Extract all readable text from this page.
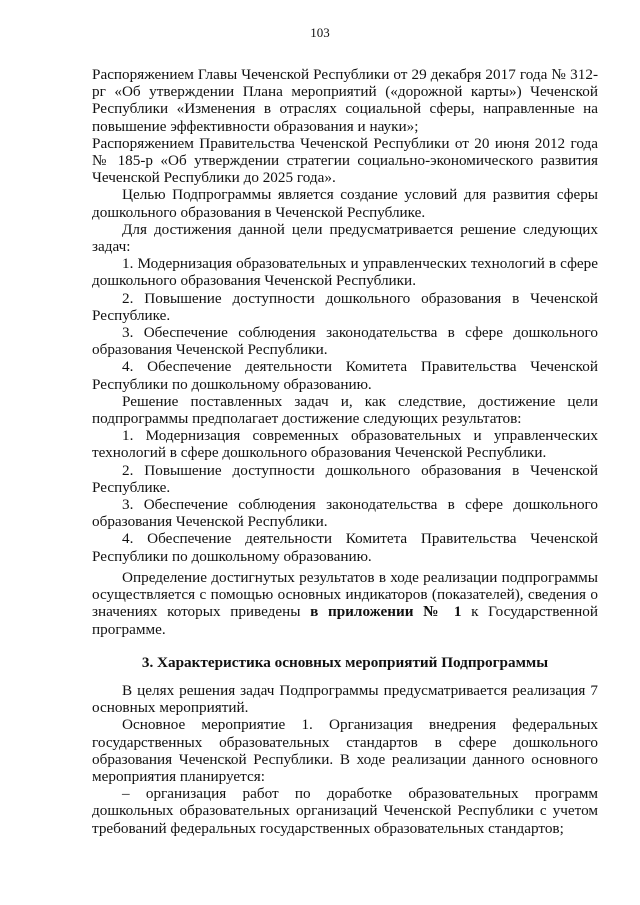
103

Распоряжением Главы Чеченской Республики от 29 декабря 2017 года № 312-рг «Об утверждении Плана мероприятий («дорожной карты») Чеченской Республики «Изменения в отраслях социальной сферы, направленные на повышение эффективности образования и науки»;

Распоряжением Правительства Чеченской Республики от 20 июня 2012 года № 185-р «Об утверждении стратегии социально-экономического развития Чеченской Республики до 2025 года».

Целью Подпрограммы является создание условий для развития сферы дошкольного образования в Чеченской Республике.

Для достижения данной цели предусматривается решение следующих задач:

1. Модернизация образовательных и управленческих технологий в сфере дошкольного образования Чеченской Республики.

2. Повышение доступности дошкольного образования в Чеченской Республике.

3. Обеспечение соблюдения законодательства в сфере дошкольного образования Чеченской Республики.

4. Обеспечение деятельности Комитета Правительства Чеченской Республики по дошкольному образованию.

Решение поставленных задач и, как следствие, достижение цели подпрограммы предполагает достижение следующих результатов:

1. Модернизация современных образовательных и управленческих технологий в сфере дошкольного образования Чеченской Республики.

2. Повышение доступности дошкольного образования в Чеченской Республике.

3. Обеспечение соблюдения законодательства в сфере дошкольного образования Чеченской Республики.

4. Обеспечение деятельности Комитета Правительства Чеченской Республики по дошкольному образованию.

Определение достигнутых результатов в ходе реализации подпрограммы осуществляется с помощью основных индикаторов (показателей), сведения о значениях которых приведены в приложении № 1 к Государственной программе.

3. Характеристика основных мероприятий Подпрограммы

В целях решения задач Подпрограммы предусматривается реализация 7 основных мероприятий.

Основное мероприятие 1. Организация внедрения федеральных государственных образовательных стандартов в сфере дошкольного образования Чеченской Республики. В ходе реализации данного основного мероприятия планируется:

– организация работ по доработке образовательных программ дошкольных образовательных организаций Чеченской Республики с учетом требований федеральных государственных образовательных стандартов;
